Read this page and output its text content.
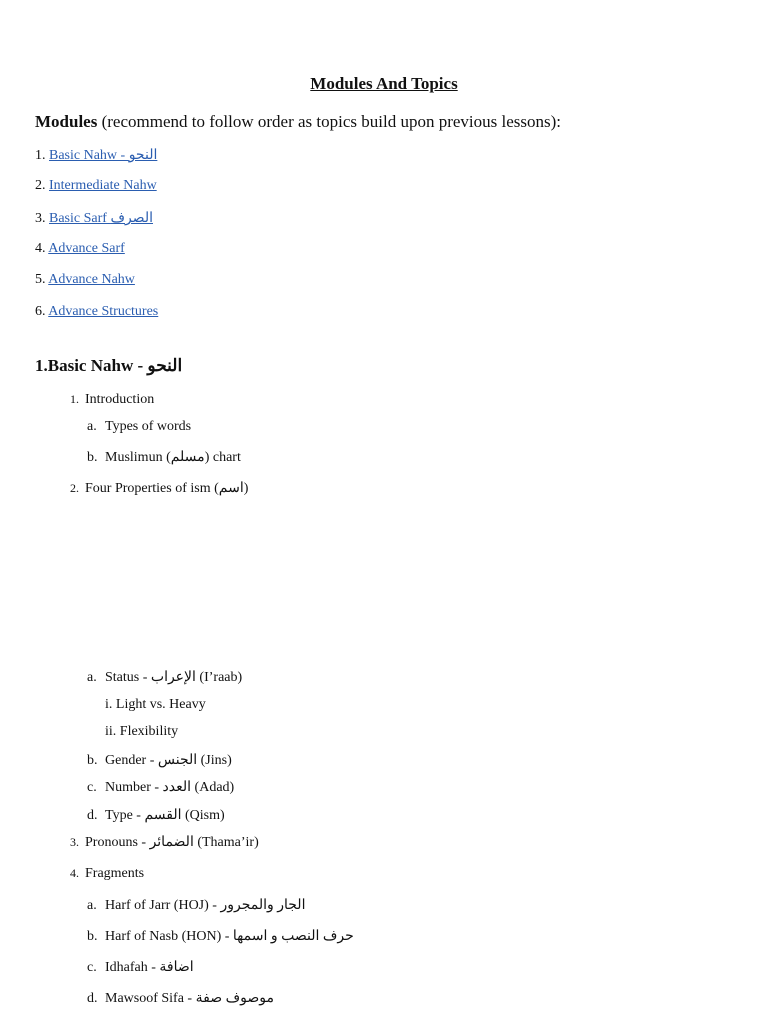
Modules And Topics
Modules (recommend to follow order as topics build upon previous lessons):
1. Basic Nahw - النحو
2. Intermediate Nahw
3. Basic Sarf الصرف
4. Advance Sarf
5. Advance Nahw
6. Advance Structures
1.Basic Nahw - النحو
1. Introduction
a. Types of words
b. Muslimun (مسلم) chart
2. Four Properties of ism (اسم)
a. Status - الإعراب (I’raab)
i. Light vs. Heavy
ii. Flexibility
b. Gender - الجنس (Jins)
c. Number - العدد (Adad)
d. Type - القسم (Qism)
3. Pronouns - الضمائر (Thama’ir)
4. Fragments
a. Harf of Jarr (HOJ) - الجار والمجرور
b. Harf of Nasb (HON) - حرف النصب و اسمها
c. Idhafah - اضافة
d. Mawsoof Sifa - موصوف صفة
